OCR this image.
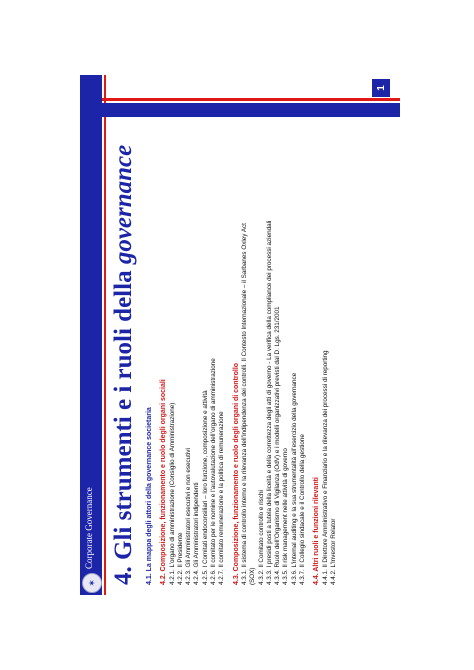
✶
Corporate Governance 4. Gli strumenti e i ruoli della governance
4.1. La mappa degli attori della governance societaria 4.2. Composizione, funzionamento e ruolo degli organi sociali 4.2.1. L’organo di amministrazione (Consiglio di Amministrazione) 4.2.2. Il Presidente 4.2.3. Gli Amministratori esecutivi e non esecutivi 4.2.4. Gli Amministratori indipendenti 4.2.5. I Comitati endoconsiliari – loro funzione, composizione e attività 4.2.6. Il comitato per le nomine e l’autovalutazione dell’organo di amministrazione 4.2.7. Il comitato remunerazione e la politica di remunerazione 4.3. Composizione, funzionamento e ruolo degli organi di controllo 4.3.1. Il sistema di controllo interno e la rilevanza dell’indipendenza dei controlli. Il Contesto Internazionale – il Sarbanes Oxley Act (SOX) 4.3.2. Il Comitato controllo e rischi 4.3.3. I presidi posti a tutela della liceità e della correttezza degli atti di governo - La verifica della compliance dei processi aziendali 4.3.4. Ruolo dell’Organismo di Vigilanza (OdV) e i modelli organizzativi previsti dal D. Lgs. 231/2001 4.3.5. Il risk management nelle attività di governo 4.3.6. L’internal auditing e la sua strumentalità all’esercizio della governance 4.3.7. Il Collegio sindacale e il Controllo della gestione 4.4. Altri ruoli e funzioni rilevanti 4.4.1. Il Direttore Amministrativo e Finanziario e la rilevanza dei processi di reporting 4.4.2. L’Investor Relator
1
